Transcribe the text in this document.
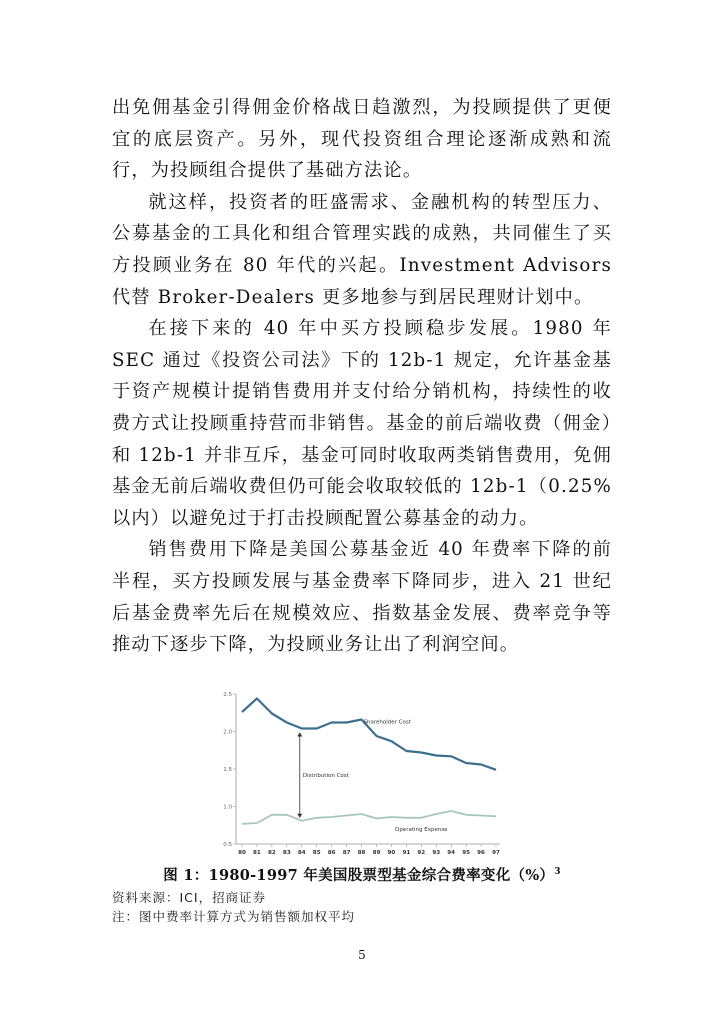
出免佣基金引得佣金价格战日趋激烈，为投顾提供了更便宜的底层资产。另外，现代投资组合理论逐渐成熟和流行，为投顾组合提供了基础方法论。

就这样，投资者的旺盛需求、金融机构的转型压力、公募基金的工具化和组合管理实践的成熟，共同催生了买方投顾业务在 80 年代的兴起。Investment Advisors 代替 Broker-Dealers 更多地参与到居民理财计划中。

在接下来的 40 年中买方投顾稳步发展。1980 年 SEC 通过《投资公司法》下的 12b-1 规定，允许基金基于资产规模计提销售费用并支付给分销机构，持续性的收费方式让投顾重持营而非销售。基金的前后端收费（佣金）和 12b-1 并非互斥，基金可同时收取两类销售费用，免佣基金无前后端收费但仍可能会收取较低的 12b-1（0.25%以内）以避免过于打击投顾配置公募基金的动力。

销售费用下降是美国公募基金近 40 年费率下降的前半程，买方投顾发展与基金费率下降同步，进入 21 世纪后基金费率先后在规模效应、指数基金发展、费率竞争等推动下逐步下降，为投顾业务让出了利润空间。

0.5
1.0
1.5
2.0
2.5
80 81 82 83 84 85 86 87 88 89 90 91 92 93 94 95 96 97
Shareholder Cost
Operating Expense
Distribution Cost
图 1：1980-1997 年美国股票型基金综合费率变化（%）$^3$
资料来源：ICI，招商证券
注：图中费率计算方式为销售额加权平均
5
